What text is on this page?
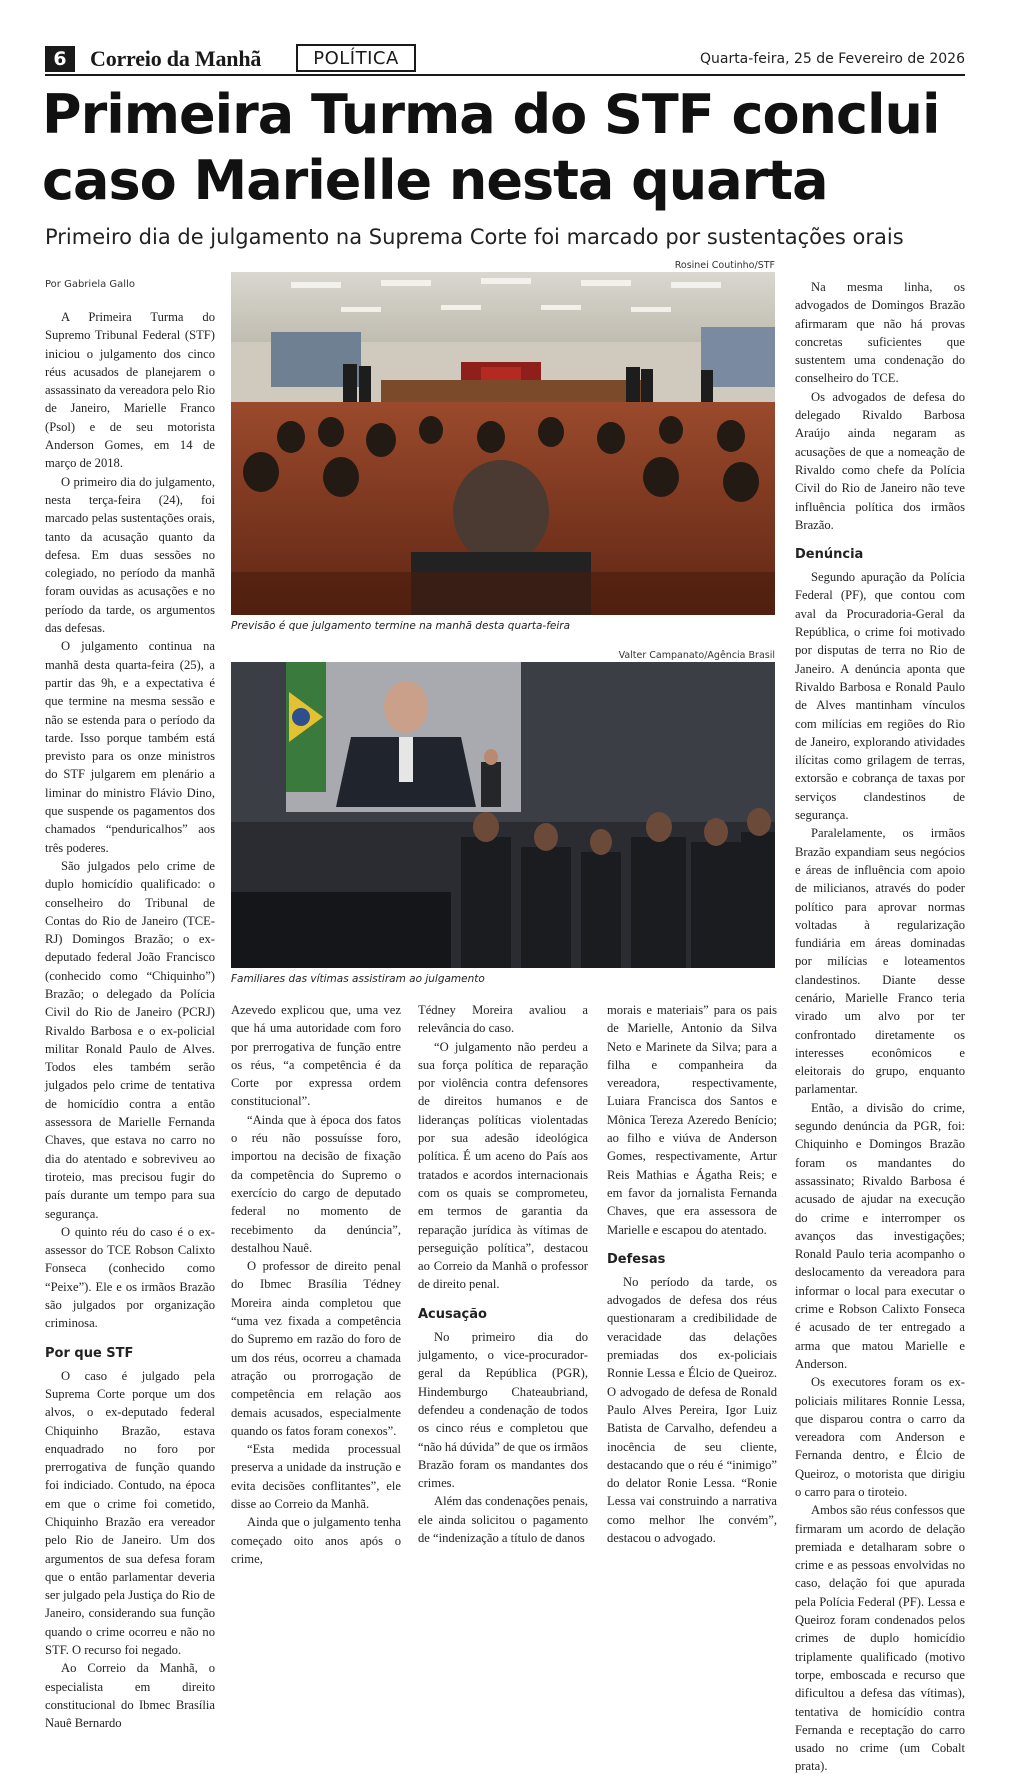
6	Correio da Manhã	POLÍTICA	Quarta-feira, 25 de Fevereiro de 2026
Primeira Turma do STF conclui caso Marielle nesta quarta
Primeiro dia de julgamento na Suprema Corte foi marcado por sustentações orais
Por Gabriela Gallo

A Primeira Turma do Supremo Tribunal Federal (STF) iniciou o julgamento dos cinco réus acusados de planejarem o assassinato da vereadora pelo Rio de Janeiro, Marielle Franco (Psol) e de seu motorista Anderson Gomes, em 14 de março de 2018.

O primeiro dia do julgamento, nesta terça-feira (24), foi marcado pelas sustentações orais, tanto da acusação quanto da defesa. Em duas sessões no colegiado, no período da manhã foram ouvidas as acusações e no período da tarde, os argumentos das defesas.

O julgamento continua na manhã desta quarta-feira (25), a partir das 9h, e a expectativa é que termine na mesma sessão e não se estenda para o período da tarde. Isso porque também está previsto para os onze ministros do STF julgarem em plenário a liminar do ministro Flávio Dino, que suspende os pagamentos dos chamados “penduricalhos” aos três poderes.

São julgados pelo crime de duplo homicídio qualificado: o conselheiro do Tribunal de Contas do Rio de Janeiro (TCE-RJ) Domingos Brazão; o ex-deputado federal João Francisco (conhecido como “Chiquinho”) Brazão; o delegado da Polícia Civil do Rio de Janeiro (PCRJ) Rivaldo Barbosa e o ex-policial militar Ronald Paulo de Alves. Todos eles também serão julgados pelo crime de tentativa de homicídio contra a então assessora de Marielle Fernanda Chaves, que estava no carro no dia do atentado e sobreviveu ao tiroteio, mas precisou fugir do país durante um tempo para sua segurança.

O quinto réu do caso é o ex-assessor do TCE Robson Calixto Fonseca (conhecido como “Peixe”). Ele e os irmãos Brazão são julgados por organização criminosa.

Por que STF

O caso é julgado pela Suprema Corte porque um dos alvos, o ex-deputado federal Chiquinho Brazão, estava enquadrado no foro por prerrogativa de função quando foi indiciado. Contudo, na época em que o crime foi cometido, Chiquinho Brazão era vereador pelo Rio de Janeiro. Um dos argumentos de sua defesa foram que o então parlamentar deveria ser julgado pela Justiça do Rio de Janeiro, considerando sua função quando o crime ocorreu e não no STF. O recurso foi negado.

Ao Correio da Manhã, o especialista em direito constitucional do Ibmec Brasília Nauê Bernardo

Rosinei Coutinho/STF
Previsão é que julgamento termine na manhã desta quarta-feira
Valter Campanato/Agência Brasil
Familiares das vítimas assistiram ao julgamento

Azevedo explicou que, uma vez que há uma autoridade com foro por prerrogativa de função entre os réus, “a competência é da Corte por expressa ordem constitucional”.

“Ainda que à época dos fatos o réu não possuísse foro, importou na decisão de fixação da competência do Supremo o exercício do cargo de deputado federal no momento de recebimento da denúncia”, destalhou Nauê.

O professor de direito penal do Ibmec Brasília Tédney Moreira ainda completou que “uma vez fixada a competência do Supremo em razão do foro de um dos réus, ocorreu a chamada atração ou prorrogação de competência em relação aos demais acusados, especialmente quando os fatos foram conexos”.

“Esta medida processual preserva a unidade da instrução e evita decisões conflitantes”, ele disse ao Correio da Manhã.

Ainda que o julgamento tenha começado oito anos após o crime,

Tédney Moreira avaliou a relevância do caso.

“O julgamento não perdeu a sua força política de reparação por violência contra defensores de direitos humanos e de lideranças políticas violentadas por sua adesão ideológica política. É um aceno do País aos tratados e acordos internacionais com os quais se comprometeu, em termos de garantia da reparação jurídica às vítimas de perseguição política”, destacou ao Correio da Manhã o professor de direito penal.

Acusação

No primeiro dia do julgamento, o vice-procurador-geral da República (PGR), Hindemburgo Chateaubriand, defendeu a condenação de todos os cinco réus e completou que “não há dúvida” de que os irmãos Brazão foram os mandantes dos crimes.

Além das condenações penais, ele ainda solicitou o pagamento de “indenização a título de danos

morais e materiais” para os pais de Marielle, Antonio da Silva Neto e Marinete da Silva; para a filha e companheira da vereadora, respectivamente, Luiara Francisca dos Santos e Mônica Tereza Azeredo Benício; ao filho e viúva de Anderson Gomes, respectivamente, Artur Reis Mathias e Ágatha Reis; e em favor da jornalista Fernanda Chaves, que era assessora de Marielle e escapou do atentado.

Defesas

No período da tarde, os advogados de defesa dos réus questionaram a credibilidade de veracidade das delações premiadas dos ex-policiais Ronnie Lessa e Élcio de Queiroz. O advogado de defesa de Ronald Paulo Alves Pereira, Igor Luiz Batista de Carvalho, defendeu a inocência de seu cliente, destacando que o réu é “inimigo” do delator Ronie Lessa. “Ronie Lessa vai construindo a narrativa como melhor lhe convém”, destacou o advogado.

Na mesma linha, os advogados de Domingos Brazão afirmaram que não há provas concretas suficientes que sustentem uma condenação do conselheiro do TCE.

Os advogados de defesa do delegado Rivaldo Barbosa Araújo ainda negaram as acusações de que a nomeação de Rivaldo como chefe da Polícia Civil do Rio de Janeiro não teve influência política dos irmãos Brazão.

Denúncia

Segundo apuração da Polícia Federal (PF), que contou com aval da Procuradoria-Geral da República, o crime foi motivado por disputas de terra no Rio de Janeiro. A denúncia aponta que Rivaldo Barbosa e Ronald Paulo de Alves mantinham vínculos com milícias em regiões do Rio de Janeiro, explorando atividades ilícitas como grilagem de terras, extorsão e cobrança de taxas por serviços clandestinos de segurança.

Paralelamente, os irmãos Brazão expandiam seus negócios e áreas de influência com apoio de milicianos, através do poder político para aprovar normas voltadas à regularização fundiária em áreas dominadas por milícias e loteamentos clandestinos. Diante desse cenário, Marielle Franco teria virado um alvo por ter confrontado diretamente os interesses econômicos e eleitorais do grupo, enquanto parlamentar.

Então, a divisão do crime, segundo denúncia da PGR, foi: Chiquinho e Domingos Brazão foram os mandantes do assassinato; Rivaldo Barbosa é acusado de ajudar na execução do crime e interromper os avanços das investigações; Ronald Paulo teria acompanho o deslocamento da vereadora para informar o local para executar o crime e Robson Calixto Fonseca é acusado de ter entregado a arma que matou Marielle e Anderson.

Os executores foram os ex-policiais militares Ronnie Lessa, que disparou contra o carro da vereadora com Anderson e Fernanda dentro, e Élcio de Queiroz, o motorista que dirigiu o carro para o tiroteio.

Ambos são réus confessos que firmaram um acordo de delação premiada e detalharam sobre o crime e as pessoas envolvidas no caso, delação foi que apurada pela Polícia Federal (PF). Lessa e Queiroz foram condenados pelos crimes de duplo homicídio triplamente qualificado (motivo torpe, emboscada e recurso que dificultou a defesa das vítimas), tentativa de homicídio contra Fernanda e receptação do carro usado no crime (um Cobalt prata).
